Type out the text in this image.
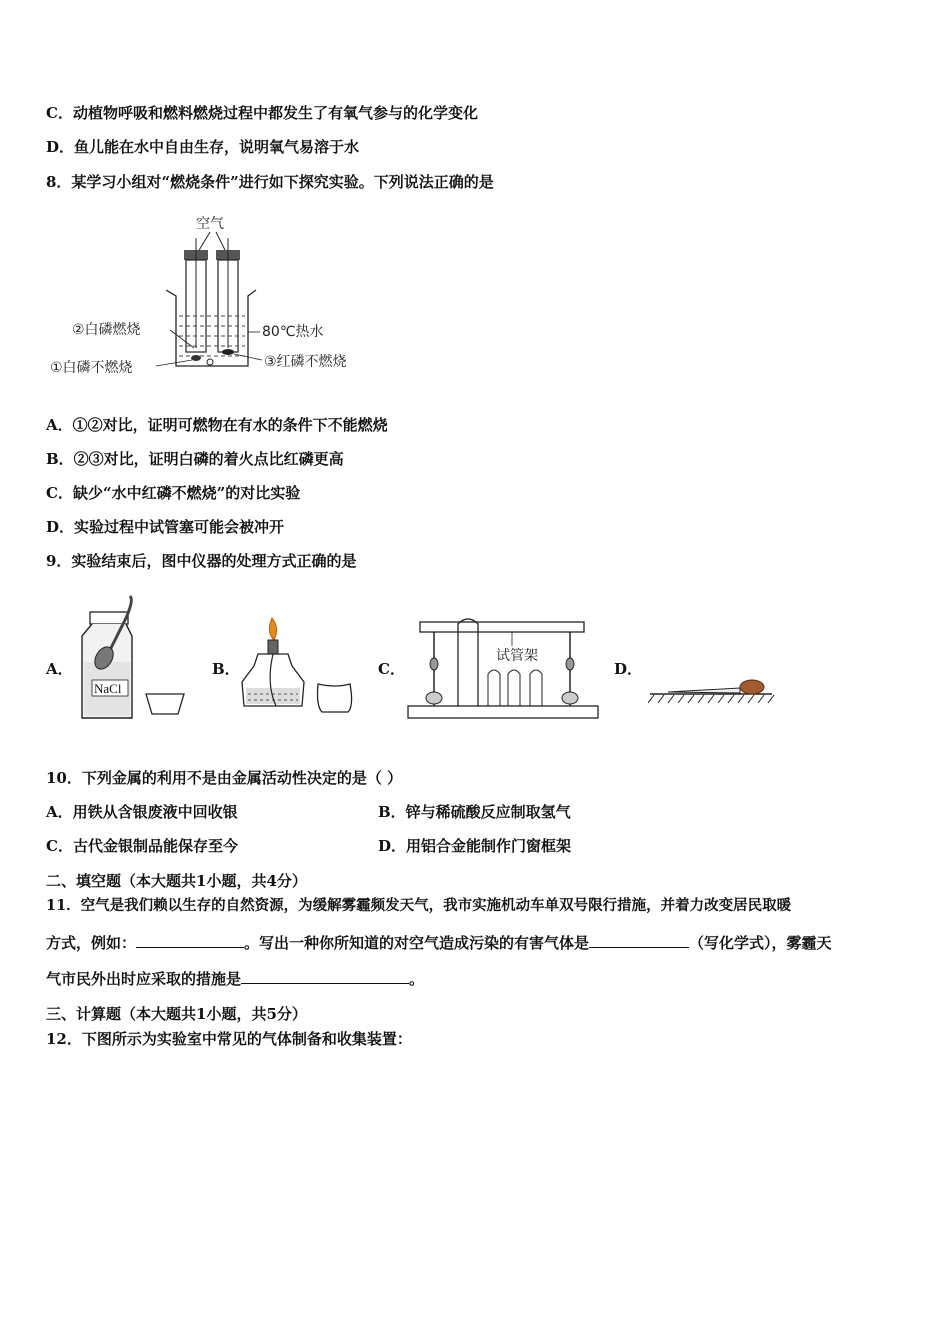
C．动植物呼吸和燃料燃烧过程中都发生了有氧气参与的化学变化
D．鱼儿能在水中自由生存，说明氧气易溶于水
8．某学习小组对“燃烧条件”进行如下探究实验。下列说法正确的是
空气
②白磷燃烧	80℃热水
①白磷不燃烧	③红磷不燃烧
A．①②对比，证明可燃物在有水的条件下不能燃烧
B．②③对比，证明白磷的着火点比红磷更高
C．缺少“水中红磷不燃烧”的对比实验
D．实验过程中试管塞可能会被冲开
9．实验结束后，图中仪器的处理方式正确的是
A．
NaCl
B．	C．
试管架
D．
10．下列金属的利用不是由金属活动性决定的是（ ）
A．用铁从含银废液中回收银	B．锌与稀硫酸反应制取氢气
C．古代金银制品能保存至今	D．用铝合金能制作门窗框架
二、填空题（本大题共1小题，共4分）
11．空气是我们赖以生存的自然资源，为缓解雾霾频发天气，我市实施机动车单双号限行措施，并着力改变居民取暖
方式，例如：	。写出一种你所知道的对空气造成污染的有害气体是	（写化学式），雾霾天
气市民外出时应采取的措施是	。
三、计算题（本大题共1小题，共5分）
12．下图所示为实验室中常见的气体制备和收集装置：
